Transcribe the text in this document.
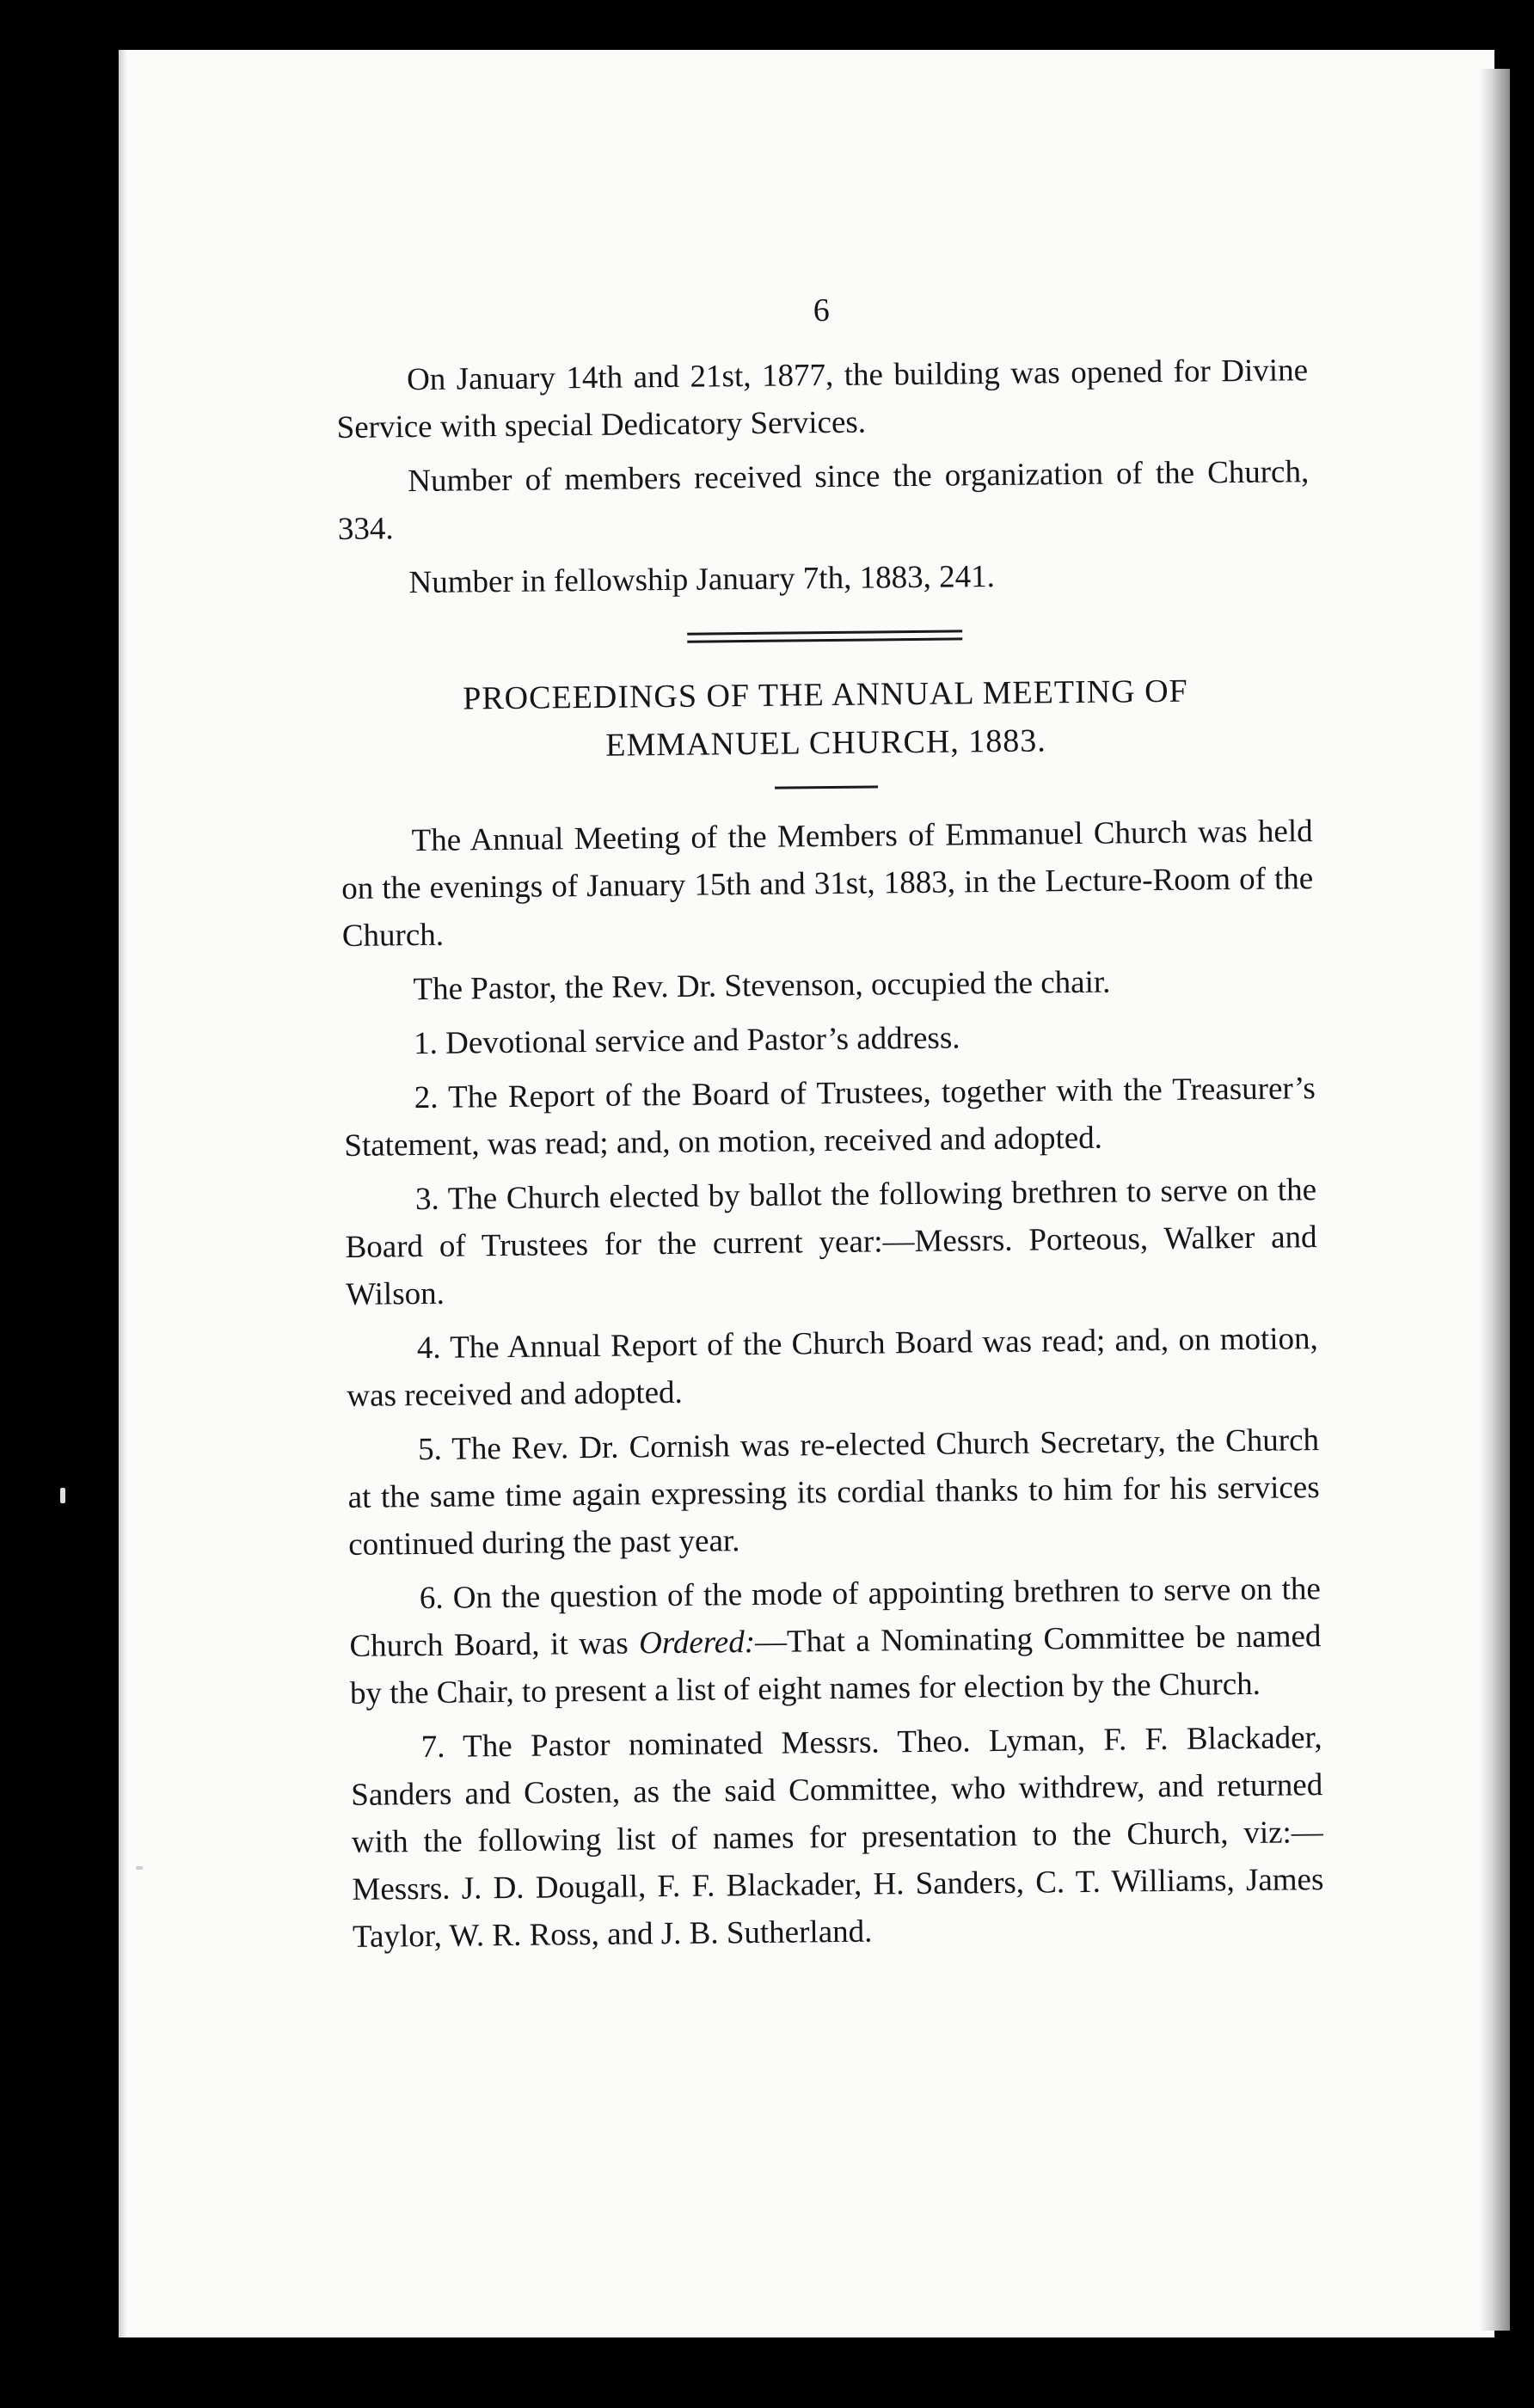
6

On January 14th and 21st, 1877, the building was opened for Divine Service with special Dedicatory Services.

Number of members received since the organization of the Church, 334.

Number in fellowship January 7th, 1883, 241.

PROCEEDINGS OF THE ANNUAL MEETING OF
EMMANUEL CHURCH, 1883.

The Annual Meeting of the Members of Emmanuel Church was held on the evenings of January 15th and 31st, 1883, in the Lecture-Room of the Church.

The Pastor, the Rev. Dr. Stevenson, occupied the chair.

1. Devotional service and Pastor’s address.

2. The Report of the Board of Trustees, together with the Treasurer’s Statement, was read; and, on motion, received and adopted.

3. The Church elected by ballot the following brethren to serve on the Board of Trustees for the current year:—Messrs. Porteous, Walker and Wilson.

4. The Annual Report of the Church Board was read; and, on motion, was received and adopted.

5. The Rev. Dr. Cornish was re-elected Church Secretary, the Church at the same time again expressing its cordial thanks to him for his services continued during the past year.

6. On the question of the mode of appointing brethren to serve on the Church Board, it was Ordered:—That a Nominating Committee be named by the Chair, to present a list of eight names for election by the Church.

7. The Pastor nominated Messrs. Theo. Lyman, F. F. Blackader, Sanders and Costen, as the said Committee, who withdrew, and returned with the following list of names for presentation to the Church, viz:—Messrs. J. D. Dougall, F. F. Blackader, H. Sanders, C. T. Williams, James Taylor, W. R. Ross, and J. B. Sutherland.
